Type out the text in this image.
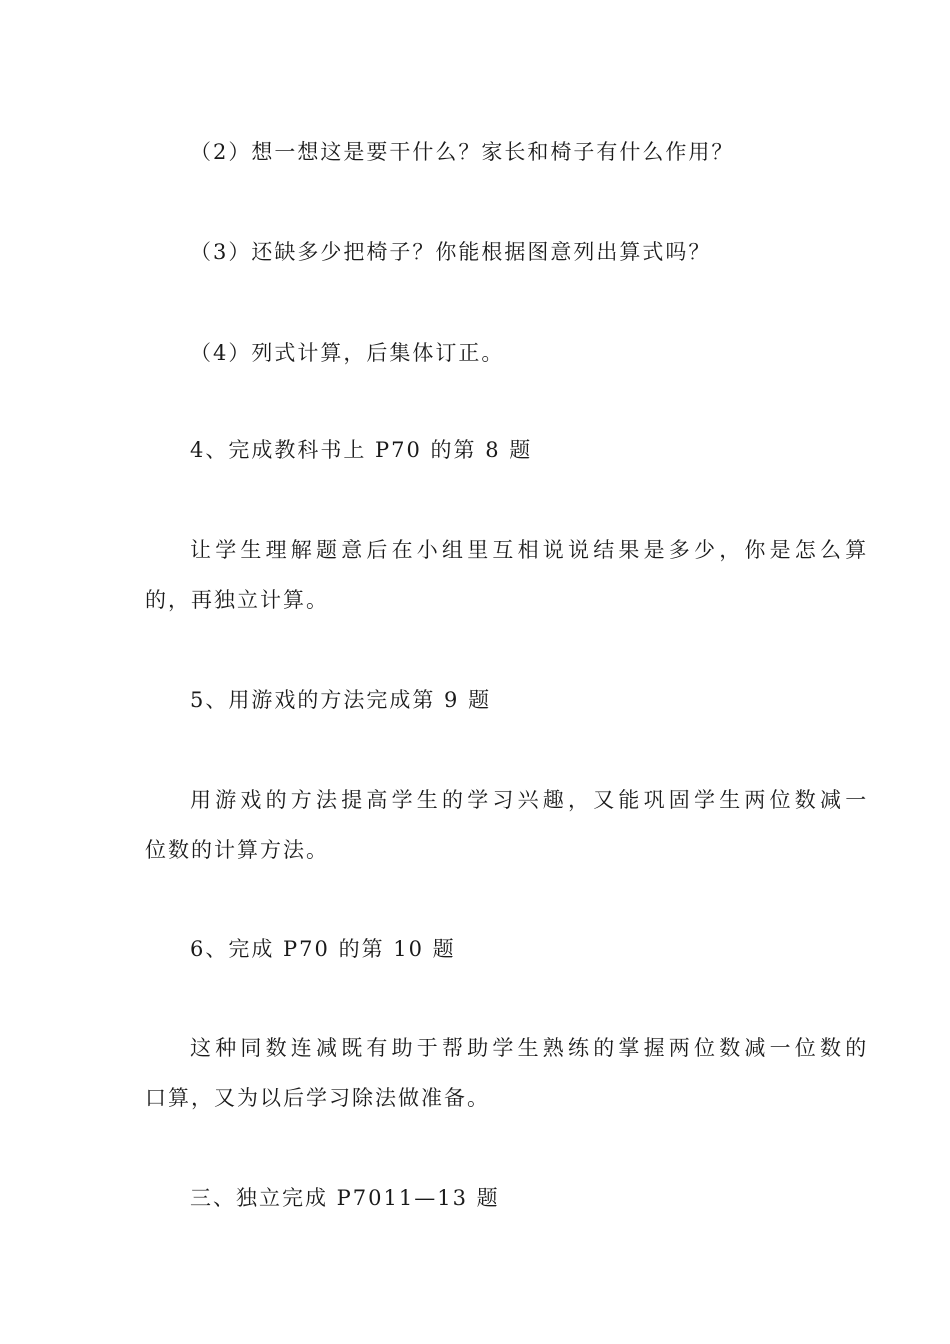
（2）想一想这是要干什么？家长和椅子有什么作用？
（3）还缺多少把椅子？你能根据图意列出算式吗？
（4）列式计算，后集体订正。
4、完成教科书上 P70 的第 8 题
让学生理解题意后在小组里互相说说结果是多少，你是怎么算
的，再独立计算。
5、用游戏的方法完成第 9 题
用游戏的方法提高学生的学习兴趣，又能巩固学生两位数减一
位数的计算方法。
6、完成 P70 的第 10 题
这种同数连减既有助于帮助学生熟练的掌握两位数减一位数的
口算，又为以后学习除法做准备。
三、独立完成 P7011—13 题
